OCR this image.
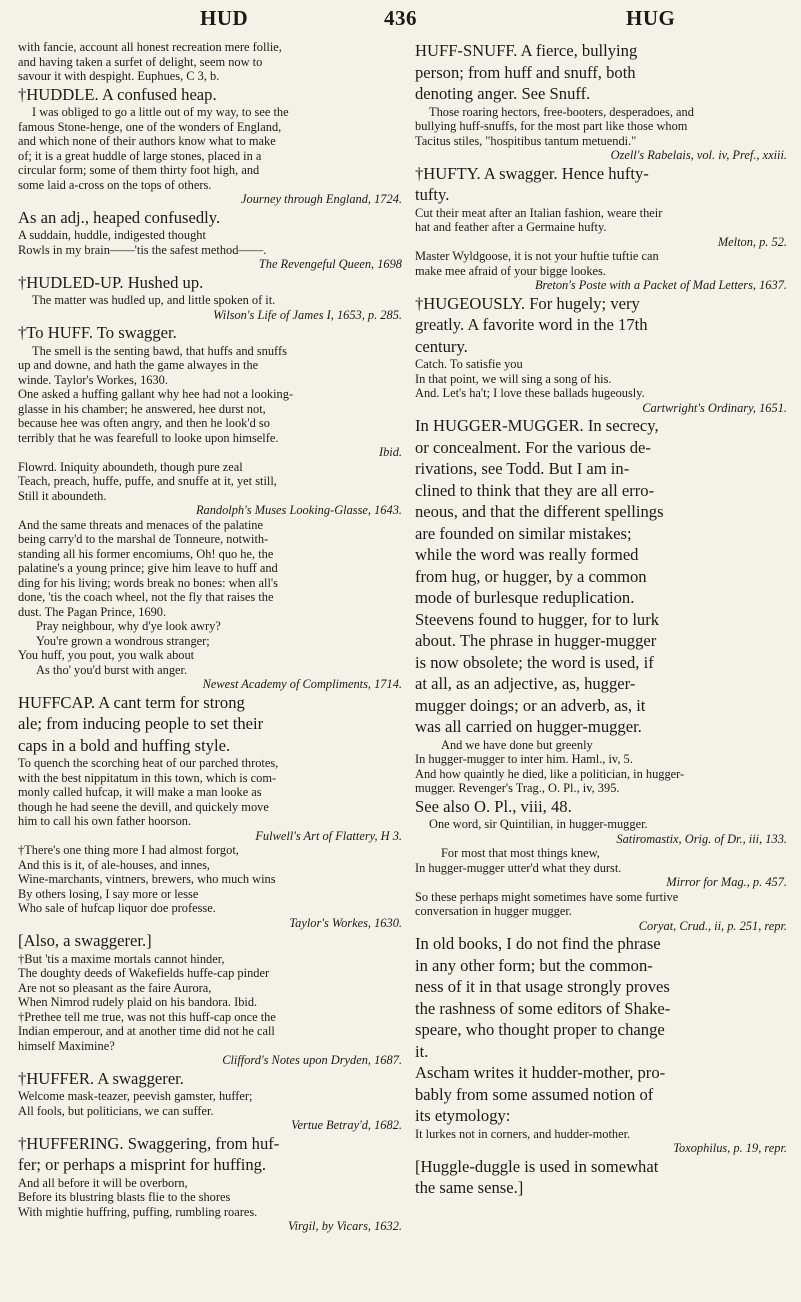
HUD	436	HUG

with fancie, account all honest recreation mere follie,

and having taken a surfet of delight, seem now to

savour it with despight. Euphues, C 3, b.

†HUDDLE. A confused heap.

I was obliged to go a little out of my way, to see the

famous Stone-henge, one of the wonders of England,

and which none of their authors know what to make

of; it is a great huddle of large stones, placed in a

circular form; some of them thirty foot high, and

some laid a-cross on the tops of others.

Journey through England, 1724.

As an adj., heaped confusedly.

A suddain, huddle, indigested thought

Rowls in my brain——'tis the safest method——.

The Revengeful Queen, 1698

†HUDLED-UP. Hushed up.

The matter was hudled up, and little spoken of it.

Wilson's Life of James I, 1653, p. 285.

†To HUFF. To swagger.

The smell is the senting bawd, that huffs and snuffs

up and downe, and hath the game alwayes in the

winde. Taylor's Workes, 1630.

One asked a huffing gallant why hee had not a looking-

glasse in his chamber; he answered, hee durst not,

because hee was often angry, and then he look'd so

terribly that he was fearefull to looke upon himselfe.

Ibid.

Flowrd. Iniquity aboundeth, though pure zeal

Teach, preach, huffe, puffe, and snuffe at it, yet still,

Still it aboundeth.

Randolph's Muses Looking-Glasse, 1643.

And the same threats and menaces of the palatine

being carry'd to the marshal de Tonneure, notwith-

standing all his former encomiums, Oh! quo he, the

palatine's a young prince; give him leave to huff and

ding for his living; words break no bones: when all's

done, 'tis the coach wheel, not the fly that raises the

dust. The Pagan Prince, 1690.

Pray neighbour, why d'ye look awry?

You're grown a wondrous stranger;

You huff, you pout, you walk about

As tho' you'd burst with anger.

Newest Academy of Compliments, 1714.

HUFFCAP. A cant term for strong

ale; from inducing people to set their

caps in a bold and huffing style.

To quench the scorching heat of our parched throtes,

with the best nippitatum in this town, which is com-

monly called hufcap, it will make a man looke as

though he had seene the devill, and quickely move

him to call his own father hoorson.

Fulwell's Art of Flattery, H 3.

†There's one thing more I had almost forgot,

And this is it, of ale-houses, and innes,

Wine-marchants, vintners, brewers, who much wins

By others losing, I say more or lesse

Who sale of hufcap liquor doe professe.

Taylor's Workes, 1630.

[Also, a swaggerer.]

†But 'tis a maxime mortals cannot hinder,

The doughty deeds of Wakefields huffe-cap pinder

Are not so pleasant as the faire Aurora,

When Nimrod rudely plaid on his bandora. Ibid.

†Prethee tell me true, was not this huff-cap once the

Indian emperour, and at another time did not he call

himself Maximine?

Clifford's Notes upon Dryden, 1687.

†HUFFER. A swaggerer.

Welcome mask-teazer, peevish gamster, huffer;

All fools, but politicians, we can suffer.

Vertue Betray'd, 1682.

†HUFFERING. Swaggering, from huf-

fer; or perhaps a misprint for huffing.

And all before it will be overborn,

Before its blustring blasts flie to the shores

With mightie huffring, puffing, rumbling roares.

Virgil, by Vicars, 1632.

HUFF-SNUFF. A fierce, bullying

person; from huff and snuff, both

denoting anger. See Snuff.

Those roaring hectors, free-booters, desperadoes, and

bullying huff-snuffs, for the most part like those whom

Tacitus stiles, "hospitibus tantum metuendi."

Ozell's Rabelais, vol. iv, Pref., xxiii.

†HUFTY. A swagger. Hence hufty-

tufty.

Cut their meat after an Italian fashion, weare their

hat and feather after a Germaine hufty.

Melton, p. 52.

Master Wyldgoose, it is not your huftie tuftie can

make mee afraid of your bigge lookes.

Breton's Poste with a Packet of Mad Letters, 1637.

†HUGEOUSLY. For hugely; very

greatly. A favorite word in the 17th

century.

Catch. To satisfie you

In that point, we will sing a song of his.

And. Let's ha't; I love these ballads hugeously.

Cartwright's Ordinary, 1651.

In HUGGER-MUGGER. In secrecy,

or concealment. For the various de-

rivations, see Todd. But I am in-

clined to think that they are all erro-

neous, and that the different spellings

are founded on similar mistakes;

while the word was really formed

from hug, or hugger, by a common

mode of burlesque reduplication.

Steevens found to hugger, for to lurk

about. The phrase in hugger-mugger

is now obsolete; the word is used, if

at all, as an adjective, as, hugger-

mugger doings; or an adverb, as, it

was all carried on hugger-mugger.

And we have done but greenly

In hugger-mugger to inter him. Haml., iv, 5.

And how quaintly he died, like a politician, in hugger-

mugger. Revenger's Trag., O. Pl., iv, 395.

See also O. Pl., viii, 48.

One word, sir Quintilian, in hugger-mugger.

Satiromastix, Orig. of Dr., iii, 133.

For most that most things knew,

In hugger-mugger utter'd what they durst.

Mirror for Mag., p. 457.

So these perhaps might sometimes have some furtive

conversation in hugger mugger.

Coryat, Crud., ii, p. 251, repr.

In old books, I do not find the phrase

in any other form; but the common-

ness of it in that usage strongly proves

the rashness of some editors of Shake-

speare, who thought proper to change

it.

Ascham writes it hudder-mother, pro-

bably from some assumed notion of

its etymology:

It lurkes not in corners, and hudder-mother.

Toxophilus, p. 19, repr.

[Huggle-duggle is used in somewhat

the same sense.]
